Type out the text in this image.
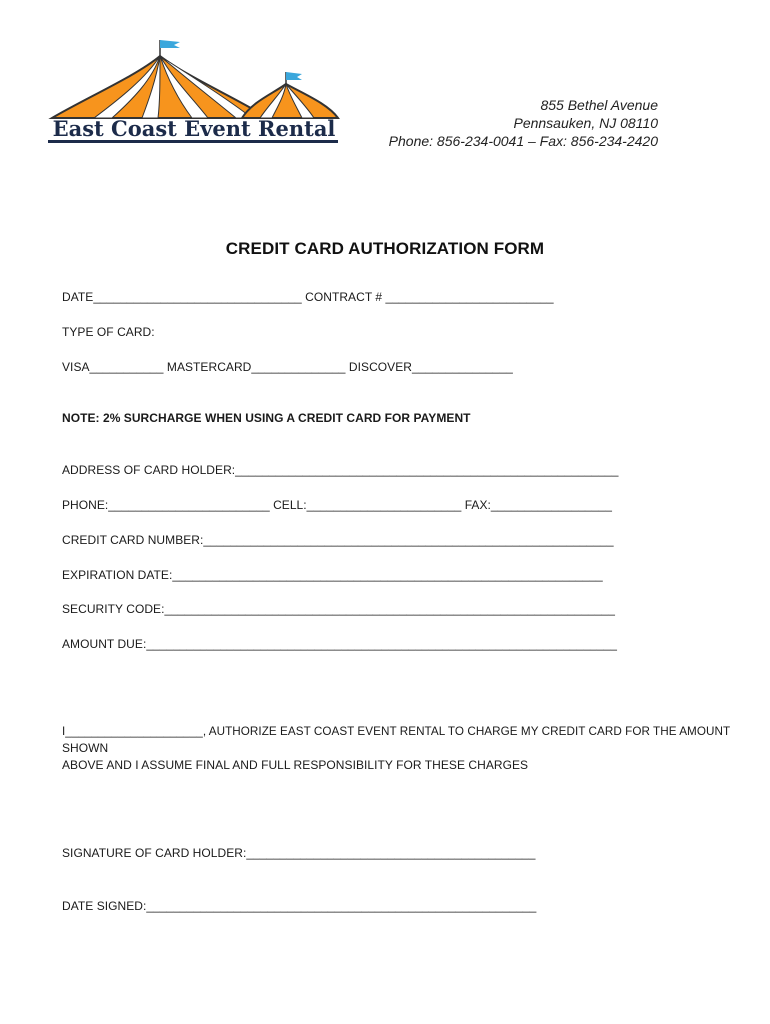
East Coast Event Rental
855 Bethel Avenue
Pennsauken, NJ 08110
Phone: 856-234-0041 – Fax: 856-234-2420
CREDIT CARD AUTHORIZATION FORM
DATE_______________________________ CONTRACT # _________________________
TYPE OF CARD:
VISA___________ MASTERCARD______________ DISCOVER_______________
NOTE: 2% SURCHARGE WHEN USING A CREDIT CARD FOR PAYMENT
ADDRESS OF CARD HOLDER:_________________________________________________________
PHONE:________________________ CELL:_______________________ FAX:__________________
CREDIT CARD NUMBER:_____________________________________________________________
EXPIRATION DATE:________________________________________________________________
SECURITY CODE:___________________________________________________________________
AMOUNT DUE:______________________________________________________________________
I_____________________, AUTHORIZE EAST COAST EVENT RENTAL TO CHARGE MY CREDIT CARD FOR THE AMOUNT
SHOWN
ABOVE AND I ASSUME FINAL AND FULL RESPONSIBILITY FOR THESE CHARGES
SIGNATURE OF CARD HOLDER:___________________________________________
DATE SIGNED:__________________________________________________________
